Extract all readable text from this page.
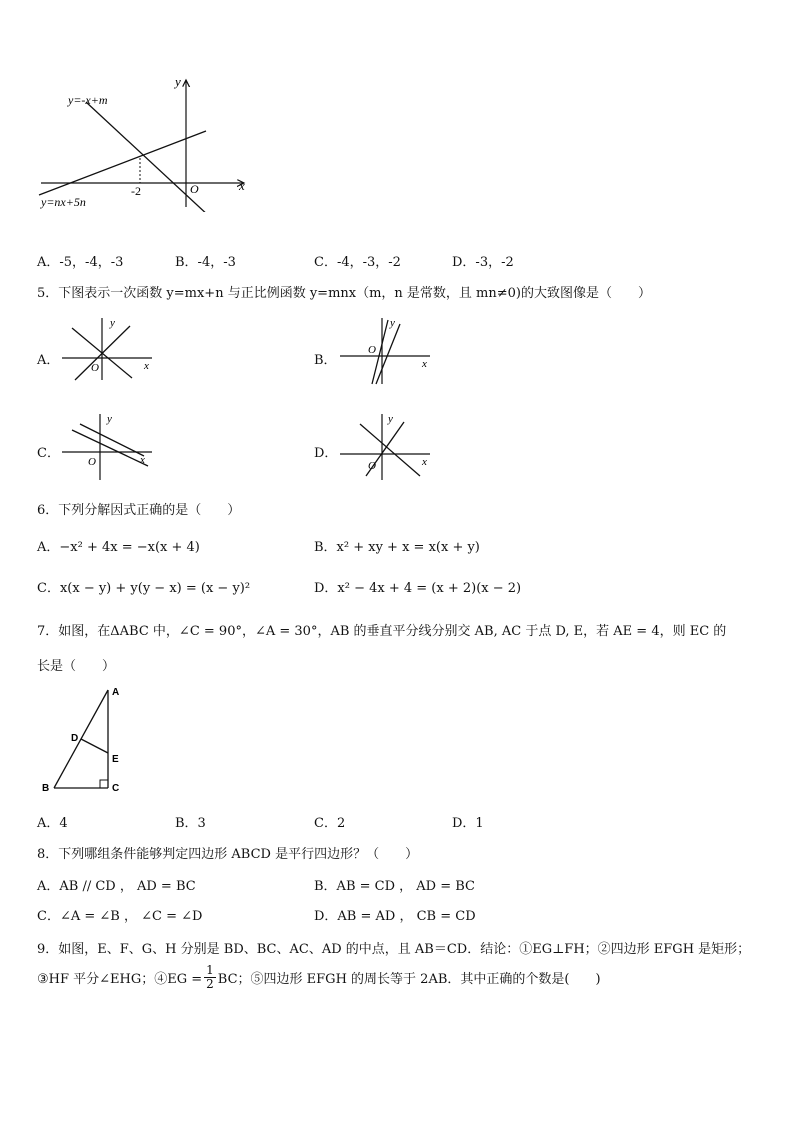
y=-x+m
y=nx+5n
y
x
O
-2
A．-5，-4，-3	B．-4，-3	C．-4，-3，-2	D．-3，-2
5．下图表示一次函数 y=mx+n 与正比例函数 y=mnx（m，n 是常数，且 mn≠0)的大致图像是（　　）
A．
y
x
O	B．
y
x
O
C．
y
x
O
D．
y
x
O
6．下列分解因式正确的是（　　）
A．−x² + 4x = −x(x + 4)	B．x² + xy + x = x(x + y)
C．x(x − y) + y(y − x) = (x − y)²	D．x² − 4x + 4 = (x + 2)(x − 2)
7．如图，在ΔABC 中，∠C = 90°，∠A = 30°，AB 的垂直平分线分别交 AB, AC 于点 D, E，若 AE = 4，则 EC 的
长是（　　）
A
D
E
B	C
A．4	B．3	C．2	D．1
8．下列哪组条件能够判定四边形 ABCD 是平行四边形？（　　）
A．AB // CD ， AD = BC	B．AB = CD ， AD = BC
C．∠A = ∠B ， ∠C = ∠D	D．AB = AD ， CB = CD
9．如图，E、F、G、H 分别是 BD、BC、AC、AD 的中点，且 AB＝CD．结论：①EG⊥FH；②四边形 EFGH 是矩形；
③HF 平分∠EHG；④EG = $\frac{1}{2}$ BC；⑤四边形 EFGH 的周长等于 2AB．其中正确的个数是(　　)
